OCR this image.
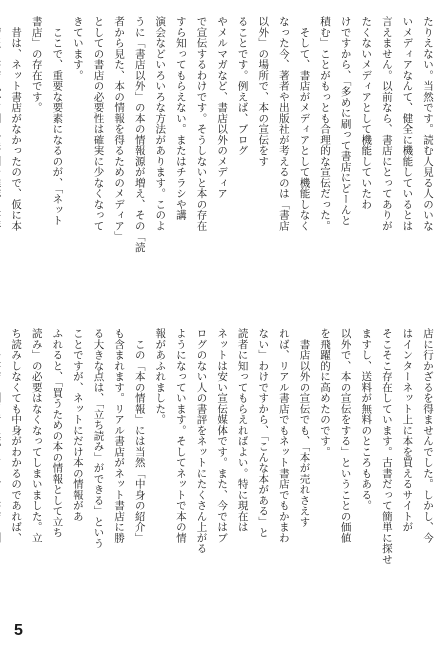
たりえない。当然です。読む人見る人のいな
いメディアなんて、健全に機能しているとは
言えません。以前なら、書店にとってありが
たくないメディアとして機能していたわ
けですから、「多めに刷って書店にどーんと
積む」ことがもっとも合理的な宣伝だった。
　そして、書店がメディアとして機能しなく
なった今、著者や出版社が考えるのは「書店
以外」の場所で、本の宣伝をす
ることです。例えば、ブログ
やメルマガなど、書店以外のメディア
で宣伝するわけです。そうしないと本の存在
すら知ってもらえない。またはチラシや講
演会などいろいろな方法があります。このよ
うに「書店以外」の本の情報源が増え、その「読
者から見た、本の情報を得るためのメディア」
としての書店の必要性は確実に少なくなって
きています。
　ここで、重要な要素になるのが、「ネット
書店」の存在です。
　昔は、ネット書店がなかったので、仮に本
店に行かざるを得ませんでした。しかし、今
はインターネット上に本を買えるサイトが
そこそこ存在しています。古書だって簡単に探せ
ますし、送料が無料のところもある。
以外で、本の宣伝をする」ということの価値
を飛躍的に高めたのです。
　書店以外の宣伝でも、「本が売れさえす
れば、リアル書店でもネット書店でもかまわ
ない」わけですから、「こんな本がある」と
読者に知ってもらえればよい。特に現在は
ネットは安い宣伝媒体です。また、今ではブ
ログのない人の書評をネットにたくさん上がる
ようになっています。そしてネットで本の情
報があふれました。
　この「本の情報」には当然「中身の紹介」
も含まれます。リアル書店がネット書店に勝
る大きな点は、「立ち読み」ができる」という
ことですが、ネットにだけ本の情報があ
ふれると、「買うための本の情報として立ち
読み」の必要はなくなってしまいました。立
ち読みしなくても中身がわかるのであれば、
5
